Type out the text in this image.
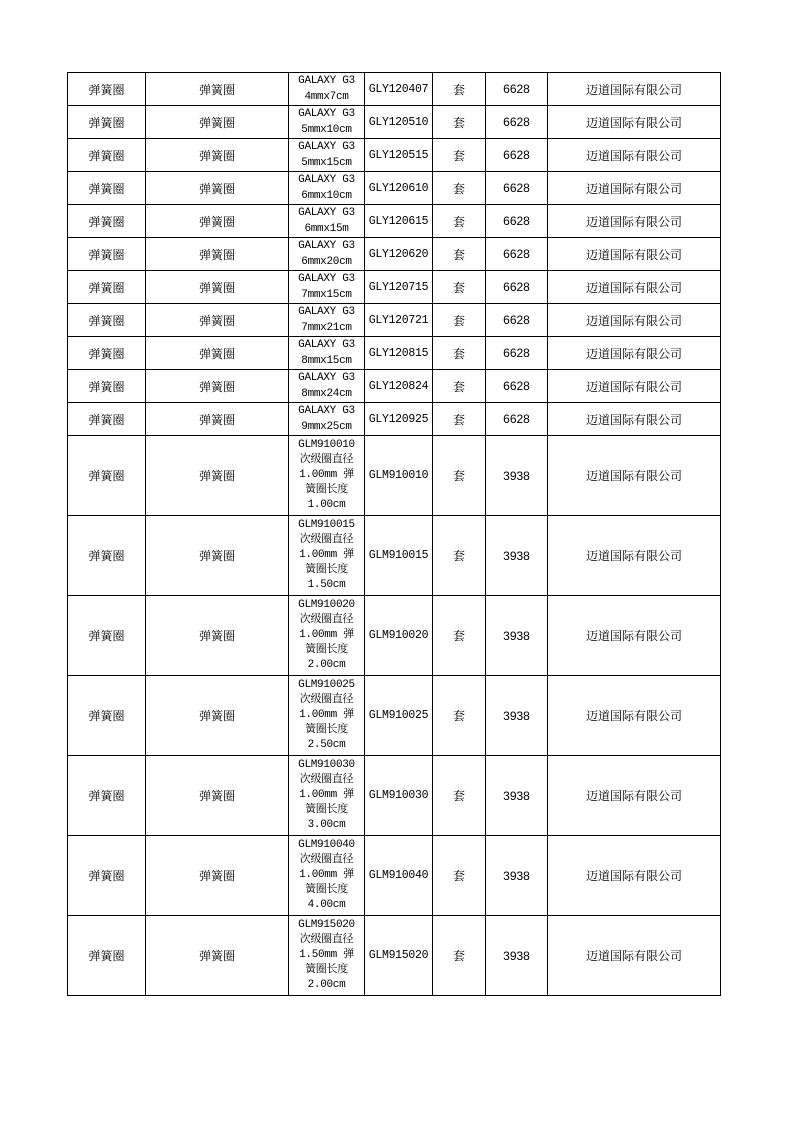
弹簧圈	弹簧圈	GALAXY G3
4mmx7cm	GLY120407	套	6628	迈道国际有限公司
弹簧圈	弹簧圈	GALAXY G3
5mmx10cm	GLY120510	套	6628	迈道国际有限公司
弹簧圈	弹簧圈	GALAXY G3
5mmx15cm	GLY120515	套	6628	迈道国际有限公司
弹簧圈	弹簧圈	GALAXY G3
6mmx10cm	GLY120610	套	6628	迈道国际有限公司
弹簧圈	弹簧圈	GALAXY G3
6mmx15m	GLY120615	套	6628	迈道国际有限公司
弹簧圈	弹簧圈	GALAXY G3
6mmx20cm	GLY120620	套	6628	迈道国际有限公司
弹簧圈	弹簧圈	GALAXY G3
7mmx15cm	GLY120715	套	6628	迈道国际有限公司
弹簧圈	弹簧圈	GALAXY G3
7mmx21cm	GLY120721	套	6628	迈道国际有限公司
弹簧圈	弹簧圈	GALAXY G3
8mmx15cm	GLY120815	套	6628	迈道国际有限公司
弹簧圈	弹簧圈	GALAXY G3
8mmx24cm	GLY120824	套	6628	迈道国际有限公司
弹簧圈	弹簧圈	GALAXY G3
9mmx25cm	GLY120925	套	6628	迈道国际有限公司
弹簧圈	弹簧圈	GLM910010
次级圈直径
1.00mm 弹
簧圈长度
1.00cm	GLM910010	套	3938	迈道国际有限公司
弹簧圈	弹簧圈	GLM910015
次级圈直径
1.00mm 弹
簧圈长度
1.50cm	GLM910015	套	3938	迈道国际有限公司
弹簧圈	弹簧圈	GLM910020
次级圈直径
1.00mm 弹
簧圈长度
2.00cm	GLM910020	套	3938	迈道国际有限公司
弹簧圈	弹簧圈	GLM910025
次级圈直径
1.00mm 弹
簧圈长度
2.50cm	GLM910025	套	3938	迈道国际有限公司
弹簧圈	弹簧圈	GLM910030
次级圈直径
1.00mm 弹
簧圈长度
3.00cm	GLM910030	套	3938	迈道国际有限公司
弹簧圈	弹簧圈	GLM910040
次级圈直径
1.00mm 弹
簧圈长度
4.00cm	GLM910040	套	3938	迈道国际有限公司
弹簧圈	弹簧圈	GLM915020
次级圈直径
1.50mm 弹
簧圈长度
2.00cm	GLM915020	套	3938	迈道国际有限公司
